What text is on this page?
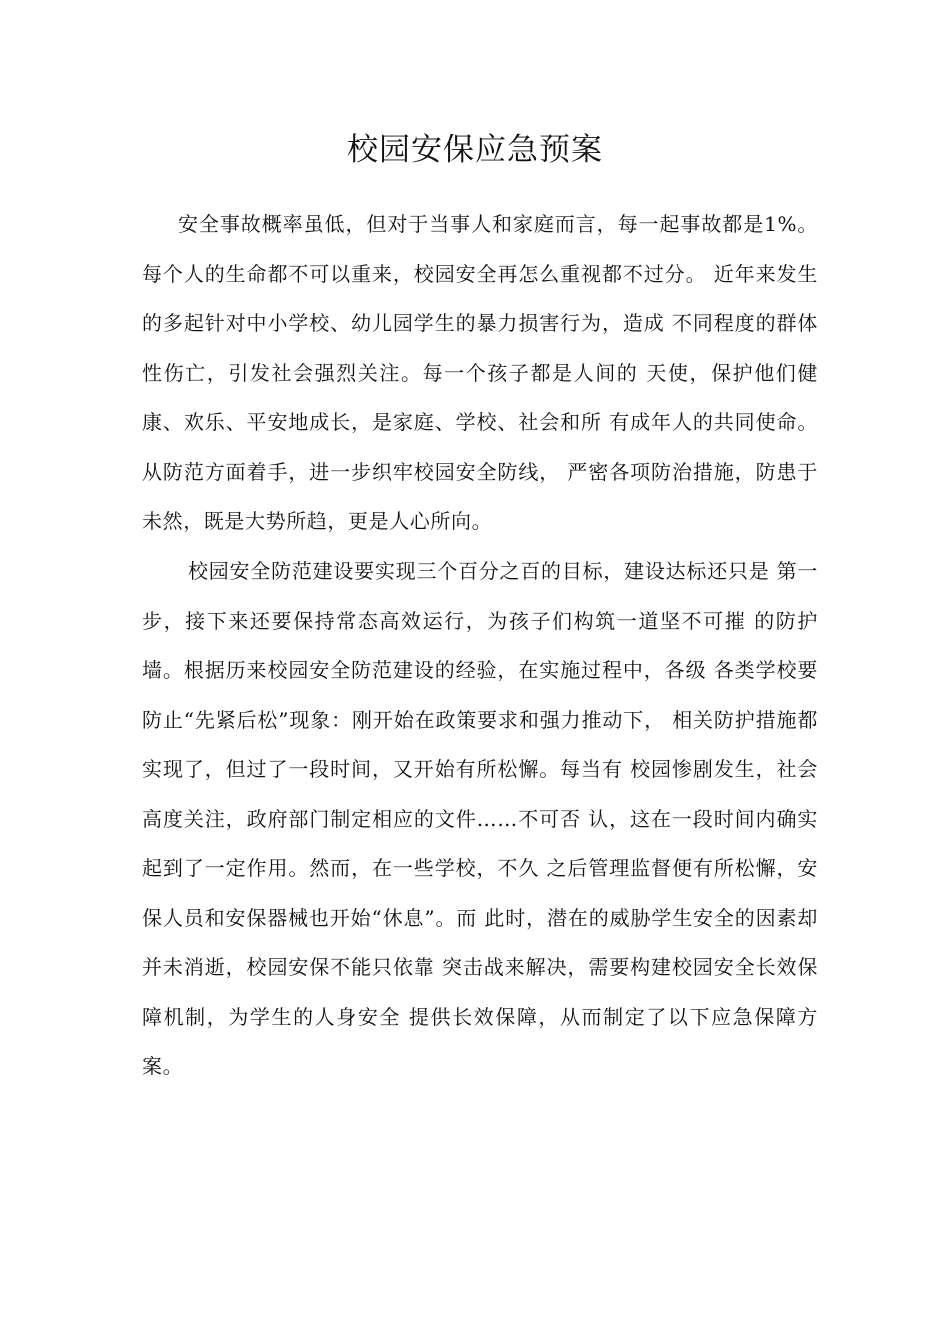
校园安保应急预案

安全事故概率虽低，但对于当事人和家庭而言，每一起事故都是1%。每个人的生命都不可以重来，校园安全再怎么重视都不过分。 近年来发生的多起针对中小学校、幼儿园学生的暴力损害行为，造成 不同程度的群体性伤亡，引发社会强烈关注。每一个孩子都是人间的 天使，保护他们健康、欢乐、平安地成长，是家庭、学校、社会和所 有成年人的共同使命。从防范方面着手，进一步织牢校园安全防线， 严密各项防治措施，防患于未然，既是大势所趋，更是人心所向。

校园安全防范建设要实现三个百分之百的目标，建设达标还只是 第一步，接下来还要保持常态高效运行，为孩子们构筑一道坚不可摧 的防护墙。根据历来校园安全防范建设的经验，在实施过程中，各级 各类学校要防止“先紧后松”现象：刚开始在政策要求和强力推动下， 相关防护措施都实现了，但过了一段时间，又开始有所松懈。每当有 校园惨剧发生，社会高度关注，政府部门制定相应的文件……不可否 认，这在一段时间内确实起到了一定作用。然而，在一些学校，不久 之后管理监督便有所松懈，安保人员和安保器械也开始“休息”。而 此时，潜在的威胁学生安全的因素却并未消逝，校园安保不能只依靠 突击战来解决，需要构建校园安全长效保障机制，为学生的人身安全 提供长效保障，从而制定了以下应急保障方案。
